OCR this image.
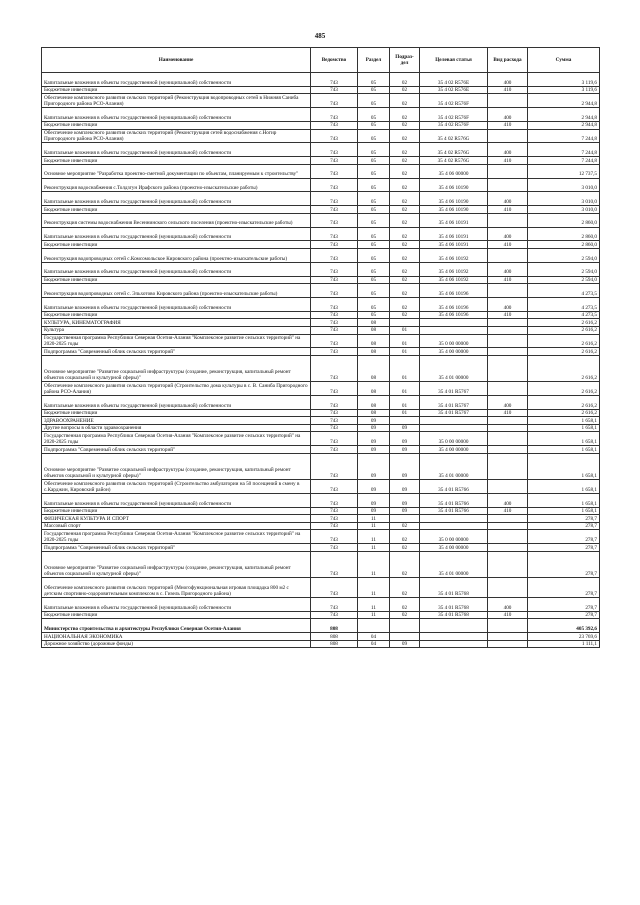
485
Наименование	Ведомство	Раздел	Подраз-
дел	Целевая статья	Вид расхода	Сумма
Капитальные вложения в объекты государственной (муниципальной) собственности	743	05	02	35 4 02 R576E	400	3 119,6
Бюджетные инвестиции	743	05	02	35 4 02 R576E	410	3 119,6
Обеспечение комплексного развития сельских территорий (Реконструкция водопроводных сетей в Нижняя Саниба Пригородного района РСО-Алания)	743	05	02	35 4 02 R576F		2 944,8
Капитальные вложения в объекты государственной (муниципальной) собственности	743	05	02	35 4 02 R576F	400	2 944,8
Бюджетные инвестиции	743	05	02	35 4 02 R576F	410	2 944,8
Обеспечение комплексного развития сельских территорий (Реконструкция сетей водоснабжения с.Ногир Пригородного района РСО-Алания)	743	05	02	35 4 02 R576G		7 244,8
Капитальные вложения в объекты государственной (муниципальной) собственности	743	05	02	35 4 02 R576G	400	7 244,8
Бюджетные инвестиции	743	05	02	35 4 02 R576G	410	7 244,8
Основное мероприятие "Разработка проектно-сметной документации по объектам, планируемым к строительству"	743	05	02	35 4 06 00000		12 737,5
Реконструкция водоснабжения с.Толдзгун Ирафского района (проектно-изыскательские работы)	743	05	02	35 4 06 10190		3 010,0
Капитальные вложения в объекты государственной (муниципальной) собственности	743	05	02	35 4 06 10190	400	3 010,0
Бюджетные инвестиции	743	05	02	35 4 06 10190	410	3 010,0
Реконструкция системы водоснабжения Весеннинского сельского поселения (проектно-изыскательские работы)	743	05	02	35 4 06 10191		2 860,0
Капитальные вложения в объекты государственной (муниципальной) собственности	743	05	02	35 4 06 10191	400	2 860,0
Бюджетные инвестиции	743	05	02	35 4 06 10191	410	2 860,0
Реконструкция водопроводных сетей с.Комсомольское Кировского района (проектно-изыскательские работы)	743	05	02	35 4 06 10192		2 594,0
Капитальные вложения в объекты государственной (муниципальной) собственности	743	05	02	35 4 06 10192	400	2 594,0
Бюджетные инвестиции	743	05	02	35 4 06 10192	410	2 594,0
Реконструкция водопроводных сетей с. Эльхотово Кировского района (проектно-изыскательские работы)	743	05	02	35 4 06 10196		4 273,5
Капитальные вложения в объекты государственной (муниципальной) собственности	743	05	02	35 4 06 10196	400	4 273,5
Бюджетные инвестиции	743	05	02	35 4 06 10196	410	4 273,5
КУЛЬТУРА, КИНЕМАТОГРАФИЯ	743	08				2 616,2
Культура	743	08	01			2 616,2
Государственная программа Республики Северная Осетия-Алания "Комплексное развитие сельских территорий" на 2020-2025 годы	743	08	01	35 0 00 00000		2 616,2
Подпрограмма "Современный облик сельских территорий"	743	08	01	35 4 00 00000		2 616,2
Основное мероприятие "Развитие социальной инфраструктуры (создание, реконструкция, капитальный ремонт объектов социальной и культурной сферы)"	743	08	01	35 4 01 00000		2 616,2
Обеспечение комплексного развития сельских территорий (Строительство дома культуры в с. В. Саниба Пригородного района РСО-Алания)	743	08	01	35 4 01 R5767		2 616,2
Капитальные вложения в объекты государственной (муниципальной) собственности	743	08	01	35 4 01 R5767	400	2 616,2
Бюджетные инвестиции	743	08	01	35 4 01 R5767	410	2 616,2
ЗДРАВООХРАНЕНИЕ	743	09				1 658,1
Другие вопросы в области здравоохранения	743	09	09			1 658,1
Государственная программа Республики Северная Осетия-Алания "Комплексное развитие сельских территорий" на 2020-2025 годы	743	09	09	35 0 00 00000		1 658,1
Подпрограмма "Современный облик сельских территорий"	743	09	09	35 4 00 00000		1 658,1
Основное мероприятие "Развитие социальной инфраструктуры (создание, реконструкция, капитальный ремонт объектов социальной и культурной сферы)"	743	09	09	35 4 01 00000		1 658,1
Обеспечение комплексного развития сельских территорий (Строительство амбулатории на 50 посещений в смену в с.Карджин, Кировский район)	743	09	09	35 4 01 R5766		1 658,1
Капитальные вложения в объекты государственной (муниципальной) собственности	743	09	09	35 4 01 R5766	400	1 658,1
Бюджетные инвестиции	743	09	09	35 4 01 R5766	410	1 658,1
ФИЗИЧЕСКАЯ КУЛЬТУРА И СПОРТ	743	11				278,7
Массовый спорт	743	11	02			278,7
Государственная программа Республики Северная Осетия-Алания "Комплексное развитие сельских территорий" на 2020-2025 годы	743	11	02	35 0 00 00000		278,7
Подпрограмма "Современный облик сельских территорий"	743	11	02	35 4 00 00000		278,7
Основное мероприятие "Развитие социальной инфраструктуры (создание, реконструкция, капитальный ремонт объектов социальной и культурной сферы)"	743	11	02	35 4 01 00000		278,7
Обеспечение комплексного развития сельских территорий (Многофункциональная игровая площадка 800 м2 с детским спортивно-оздоровительным комплексом в с. Гизель Пригородного района)	743	11	02	35 4 01 R5768		278,7
Капитальные вложения в объекты государственной (муниципальной) собственности	743	11	02	35 4 01 R5768	400	278,7
Бюджетные инвестиции	743	11	02	35 4 01 R5768	410	278,7
Министерство строительства и архитектуры Республики Северная Осетия-Алания	808					405 392,6
НАЦИОНАЛЬНАЯ ЭКОНОМИКА	808	04				23 769,6
Дорожное хозяйство (дорожные фонды)	808	04	09			1 111,1
